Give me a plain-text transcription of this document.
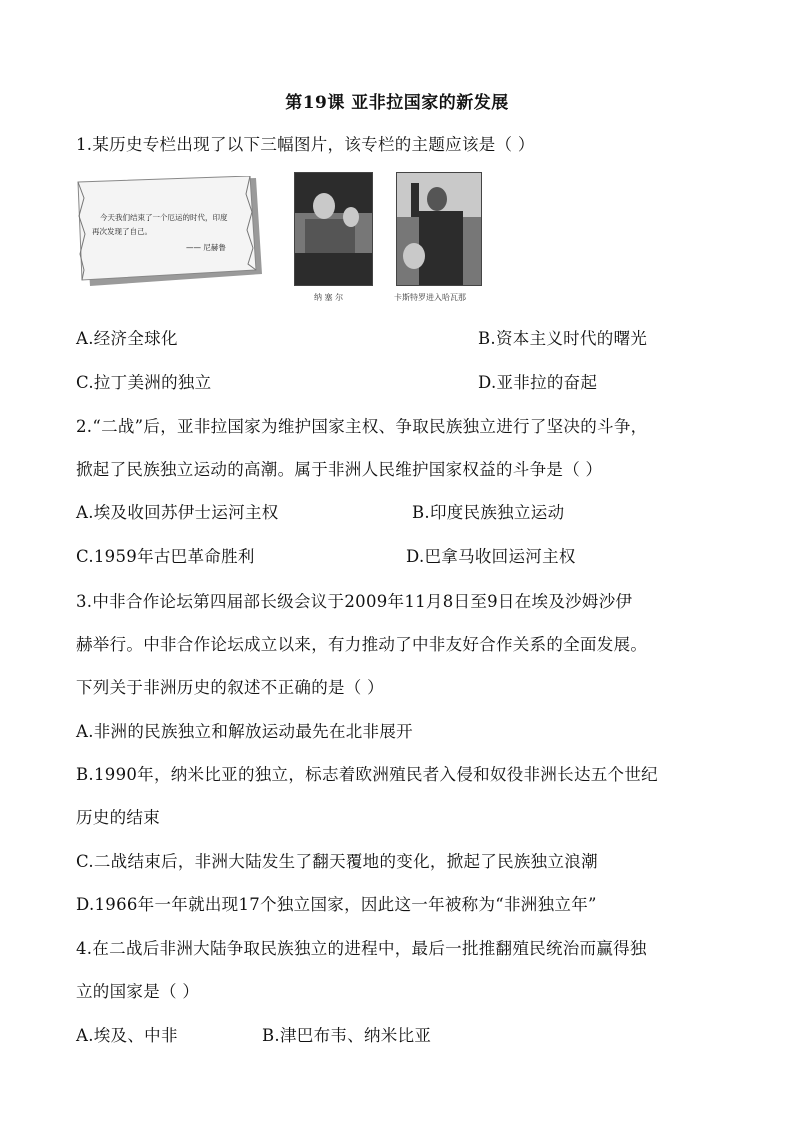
第19课 亚非拉国家的新发展
1.某历史专栏出现了以下三幅图片，该专栏的主题应该是（ ）
今天我们结束了一个厄运的时代，印度
再次发现了自己。
—— 尼赫鲁
纳 塞 尔	卡斯特罗进入哈瓦那
A.经济全球化	B.资本主义时代的曙光
C.拉丁美洲的独立	D.亚非拉的奋起
2.“二战”后，亚非拉国家为维护国家主权、争取民族独立进行了坚决的斗争，
掀起了民族独立运动的高潮。属于非洲人民维护国家权益的斗争是（ ）
A.埃及收回苏伊士运河主权	B.印度民族独立运动
C.1959年古巴革命胜利	D.巴拿马收回运河主权
3.中非合作论坛第四届部长级会议于2009年11月8日至9日在埃及沙姆沙伊
赫举行。中非合作论坛成立以来，有力推动了中非友好合作关系的全面发展。
下列关于非洲历史的叙述不正确的是（ ）
A.非洲的民族独立和解放运动最先在北非展开
B.1990年，纳米比亚的独立，标志着欧洲殖民者入侵和奴役非洲长达五个世纪
历史的结束
C.二战结束后，非洲大陆发生了翻天覆地的变化，掀起了民族独立浪潮
D.1966年一年就出现17个独立国家，因此这一年被称为“非洲独立年”
4.在二战后非洲大陆争取民族独立的进程中，最后一批推翻殖民统治而赢得独
立的国家是（ ）
A.埃及、中非	B.津巴布韦、纳米比亚
